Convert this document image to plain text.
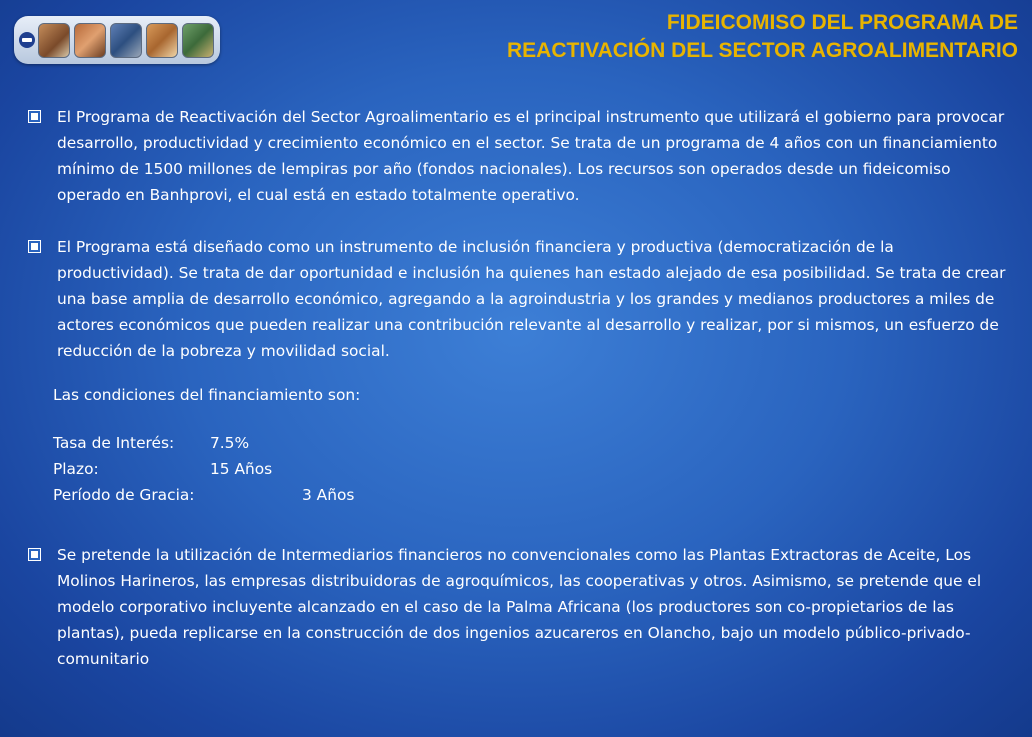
FIDEICOMISO DEL PROGRAMA DE
REACTIVACIÓN DEL SECTOR AGROALIMENTARIO
El Programa de Reactivación del Sector Agroalimentario es el principal instrumento que utilizará el gobierno para provocar desarrollo, productividad y crecimiento económico en el sector. Se trata de un programa de 4 años con un financiamiento mínimo de 1500 millones de lempiras por año (fondos nacionales). Los recursos son operados desde un fideicomiso operado en Banhprovi, el cual está en estado totalmente operativo.
El Programa está diseñado como un instrumento de inclusión financiera y productiva (democratización de la productividad). Se trata de dar oportunidad e inclusión ha quienes han estado alejado de esa posibilidad. Se trata de crear una base amplia de desarrollo económico, agregando a la agroindustria y los grandes y medianos productores a miles de actores económicos que pueden realizar una contribución relevante al desarrollo y realizar, por si mismos, un esfuerzo de reducción de la pobreza y movilidad social.
Las condiciones del financiamiento son:
Tasa de Interés: 7.5%
Plazo:	15 Años
Período de Gracia:	3 Años
Se pretende la utilización de Intermediarios financieros no convencionales como las Plantas Extractoras de Aceite, Los Molinos Harineros, las empresas distribuidoras de agroquímicos, las cooperativas y otros. Asimismo, se pretende que el modelo corporativo incluyente alcanzado en el caso de la Palma Africana (los productores son co-propietarios de las plantas), pueda replicarse en la construcción de dos ingenios azucareros en Olancho, bajo un modelo público-privado-comunitario
